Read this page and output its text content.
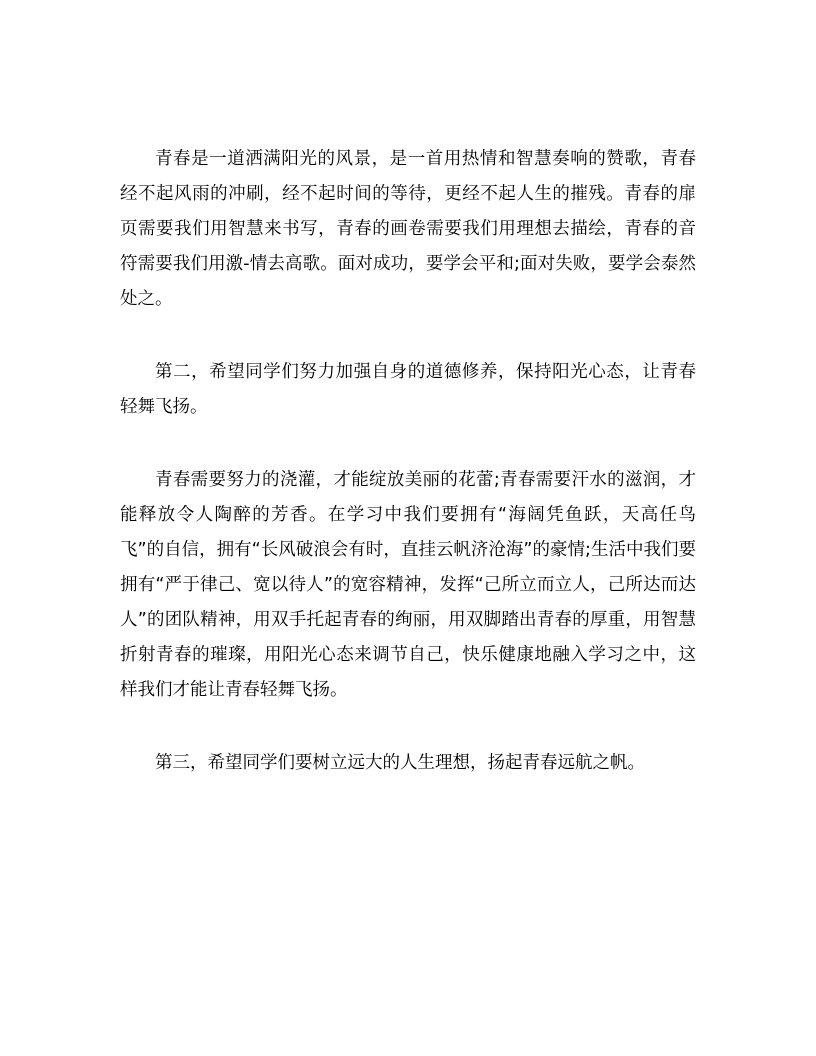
青春是一道洒满阳光的风景，是一首用热情和智慧奏响的赞歌，青春经不起风雨的冲刷，经不起时间的等待，更经不起人生的摧残。青春的扉页需要我们用智慧来书写，青春的画卷需要我们用理想去描绘，青春的音符需要我们用激-情去高歌。面对成功，要学会平和;面对失败，要学会泰然处之。

第二，希望同学们努力加强自身的道德修养，保持阳光心态，让青春轻舞飞扬。

青春需要努力的浇灌，才能绽放美丽的花蕾;青春需要汗水的滋润，才能释放令人陶醉的芳香。在学习中我们要拥有“海阔凭鱼跃，天高任鸟飞”的自信，拥有“长风破浪会有时，直挂云帆济沧海”的豪情;生活中我们要拥有“严于律己、宽以待人”的宽容精神，发挥“己所立而立人，己所达而达人”的团队精神，用双手托起青春的绚丽，用双脚踏出青春的厚重，用智慧折射青春的璀璨，用阳光心态来调节自己，快乐健康地融入学习之中，这样我们才能让青春轻舞飞扬。

第三，希望同学们要树立远大的人生理想，扬起青春远航之帆。
